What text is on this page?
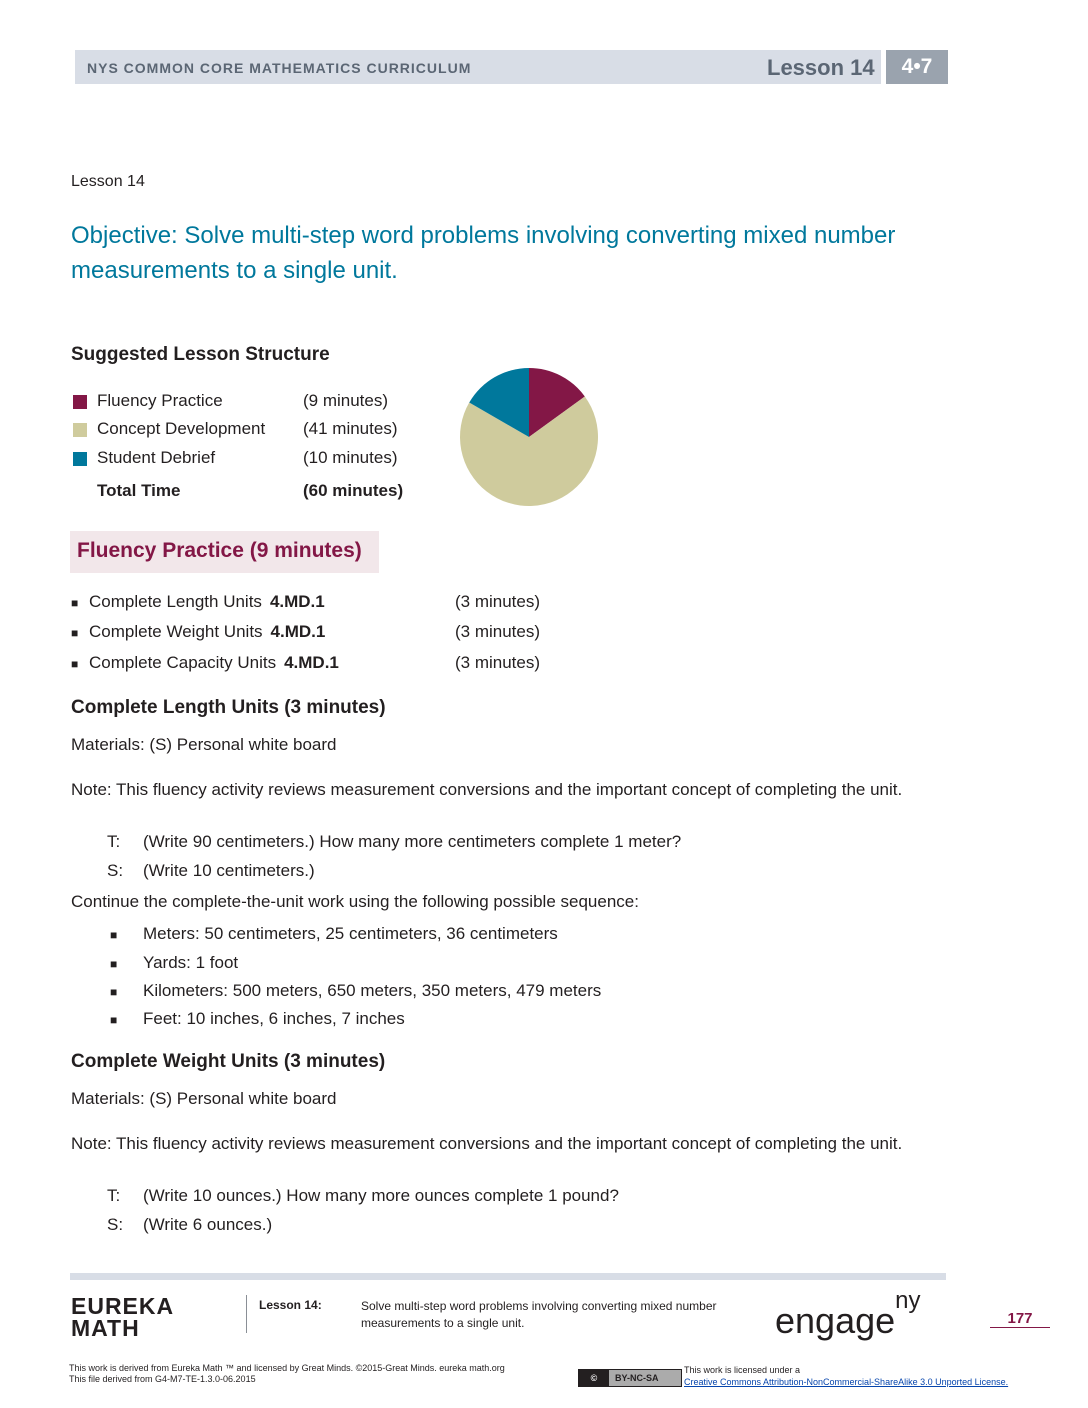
NYS COMMON CORE MATHEMATICS CURRICULUM	Lesson 14	4•7
Lesson 14
Objective: Solve multi-step word problems involving converting mixed number measurements to a single unit.
Suggested Lesson Structure
Fluency Practice	(9 minutes)
Concept Development (41 minutes)
Student Debrief	(10 minutes)
Total Time	(60 minutes)
Fluency Practice (9 minutes)
■ Complete Length Units 4.MD.1	(3 minutes)
■ Complete Weight Units 4.MD.1	(3 minutes)
■ Complete Capacity Units 4.MD.1	(3 minutes)
Complete Length Units (3 minutes)
Materials: (S) Personal white board
Note: This fluency activity reviews measurement conversions and the important concept of completing the unit.
T: (Write 90 centimeters.) How many more centimeters complete 1 meter?
S: (Write 10 centimeters.)
Continue the complete-the-unit work using the following possible sequence:
■ Meters: 50 centimeters, 25 centimeters, 36 centimeters
■ Yards: 1 foot
■ Kilometers: 500 meters, 650 meters, 350 meters, 479 meters
■ Feet: 10 inches, 6 inches, 7 inches
Complete Weight Units (3 minutes)
Materials: (S) Personal white board
Note: This fluency activity reviews measurement conversions and the important concept of completing the unit.
T: (Write 10 ounces.) How many more ounces complete 1 pound?
S: (Write 6 ounces.)
EUREKA
MATH
Lesson 14:	Solve multi-step word problems involving converting mixed number measurements to a single unit.	engage$^{ny}$
177
This work is derived from Eureka Math ™ and licensed by Great Minds. ©2015-Great Minds. eureka math.org
This file derived from G4-M7-TE-1.3.0-06.2015	© BY-NC-SA
This work is licensed under a
Creative Commons Attribution-NonCommercial-ShareAlike 3.0 Unported License.
